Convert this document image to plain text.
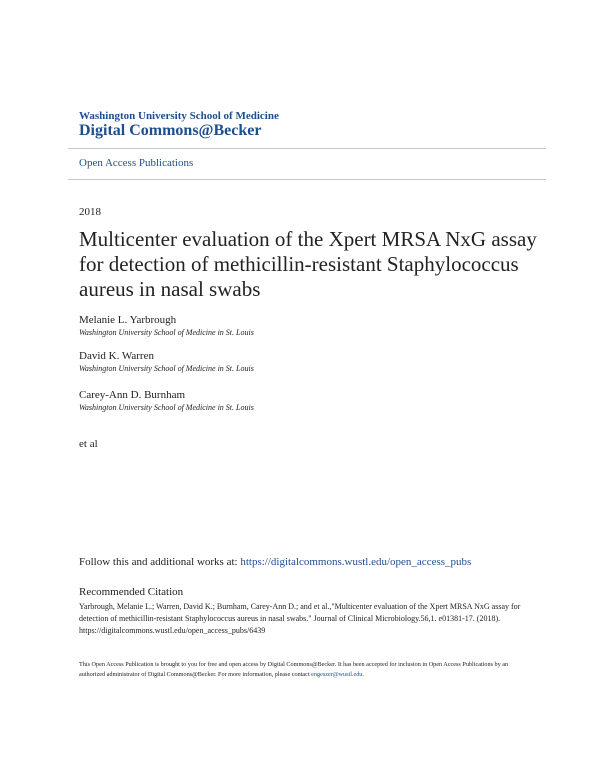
Washington University School of Medicine
Digital Commons@Becker
Open Access Publications
2018
Multicenter evaluation of the Xpert MRSA NxG assay for detection of methicillin-resistant Staphylococcus aureus in nasal swabs
Melanie L. Yarbrough
Washington University School of Medicine in St. Louis
David K. Warren
Washington University School of Medicine in St. Louis
Carey-Ann D. Burnham
Washington University School of Medicine in St. Louis
et al
Follow this and additional works at: https://digitalcommons.wustl.edu/open_access_pubs
Recommended Citation
Yarbrough, Melanie L.; Warren, David K.; Burnham, Carey-Ann D.; and et al.,"Multicenter evaluation of the Xpert MRSA NxG assay for detection of methicillin-resistant Staphylococcus aureus in nasal swabs." Journal of Clinical Microbiology.56,1. e01381-17. (2018). https://digitalcommons.wustl.edu/open_access_pubs/6439
This Open Access Publication is brought to you for free and open access by Digital Commons@Becker. It has been accepted for inclusion in Open Access Publications by an authorized administrator of Digital Commons@Becker. For more information, please contact engeszer@wustl.edu.
